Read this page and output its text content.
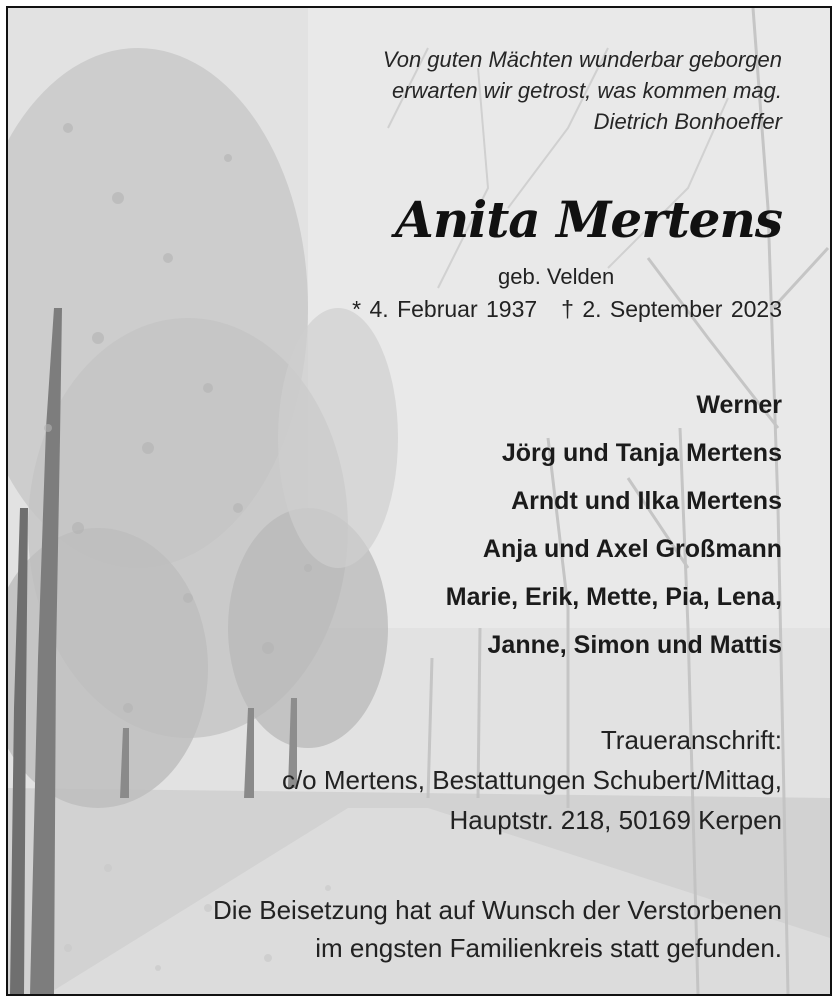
Von guten Mächten wunderbar geborgen
erwarten wir getrost, was kommen mag.
Dietrich Bonhoeffer
Anita Mertens
geb. Velden
* 4. Februar 1937 † 2. September 2023
Werner
Jörg und Tanja Mertens
Arndt und Ilka Mertens
Anja und Axel Großmann
Marie, Erik, Mette, Pia, Lena,
Janne, Simon und Mattis
Traueranschrift:
c/o Mertens, Bestattungen Schubert/Mittag,
Hauptstr. 218, 50169 Kerpen
Die Beisetzung hat auf Wunsch der Verstorbenen
im engsten Familienkreis statt gefunden.
